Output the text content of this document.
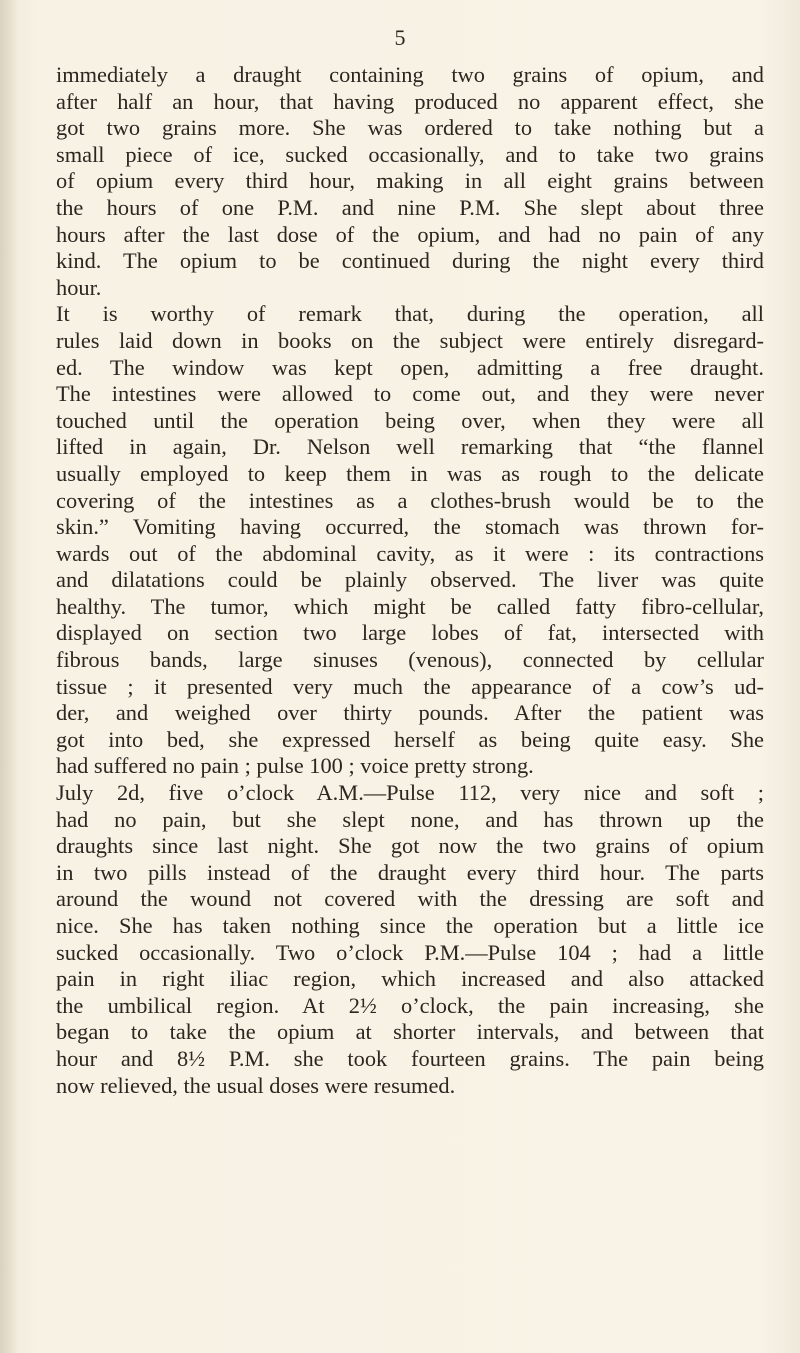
5
immediately a draught containing two grains of opium, and
after half an hour, that having produced no apparent effect, she
got two grains more. She was ordered to take nothing but a
small piece of ice, sucked occasionally, and to take two grains
of opium every third hour, making in all eight grains between
the hours of one P.M. and nine P.M. She slept about three
hours after the last dose of the opium, and had no pain of any
kind. The opium to be continued during the night every third
hour.
It is worthy of remark that, during the operation, all
rules laid down in books on the subject were entirely disregard-
ed. The window was kept open, admitting a free draught.
The intestines were allowed to come out, and they were never
touched until the operation being over, when they were all
lifted in again, Dr. Nelson well remarking that “the flannel
usually employed to keep them in was as rough to the delicate
covering of the intestines as a clothes-brush would be to the
skin.” Vomiting having occurred, the stomach was thrown for-
wards out of the abdominal cavity, as it were : its contractions
and dilatations could be plainly observed. The liver was quite
healthy. The tumor, which might be called fatty fibro-cellular,
displayed on section two large lobes of fat, intersected with
fibrous bands, large sinuses (venous), connected by cellular
tissue ; it presented very much the appearance of a cow’s ud-
der, and weighed over thirty pounds. After the patient was
got into bed, she expressed herself as being quite easy. She
had suffered no pain ; pulse 100 ; voice pretty strong.
July 2d, five o’clock A.M.—Pulse 112, very nice and soft ;
had no pain, but she slept none, and has thrown up the
draughts since last night. She got now the two grains of opium
in two pills instead of the draught every third hour. The parts
around the wound not covered with the dressing are soft and
nice. She has taken nothing since the operation but a little ice
sucked occasionally. Two o’clock P.M.—Pulse 104 ; had a little
pain in right iliac region, which increased and also attacked
the umbilical region. At 2½ o’clock, the pain increasing, she
began to take the opium at shorter intervals, and between that
hour and 8½ P.M. she took fourteen grains. The pain being
now relieved, the usual doses were resumed.
